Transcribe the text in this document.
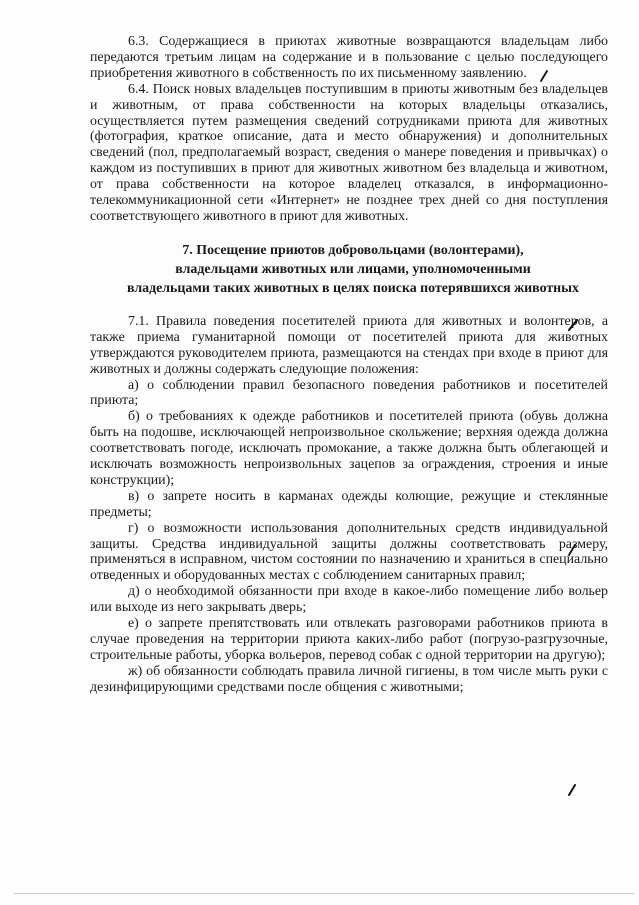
6.3. Содержащиеся в приютах животные возвращаются владельцам либо передаются третьим лицам на содержание и в пользование с целью последующего приобретения животного в собственность по их письменному заявлению.

6.4. Поиск новых владельцев поступившим в приюты животным без владельцев и животным, от права собственности на которых владельцы отказались, осуществляется путем размещения сведений сотрудниками приюта для животных (фотография, краткое описание, дата и место обнаружения) и дополнительных сведений (пол, предполагаемый возраст, сведения о манере поведения и привычках) о каждом из поступивших в приют для животных животном без владельца и животном, от права собственности на которое владелец отказался, в информационно-телекоммуникационной сети «Интернет» не позднее трех дней со дня поступления соответствующего животного в приют для животных.

7. Посещение приютов добровольцами (волонтерами),

владельцами животных или лицами, уполномоченными

владельцами таких животных в целях поиска потерявшихся животных

7.1. Правила поведения посетителей приюта для животных и волонтеров, а также приема гуманитарной помощи от посетителей приюта для животных утверждаются руководителем приюта, размещаются на стендах при входе в приют для животных и должны содержать следующие положения:

а) о соблюдении правил безопасного поведения работников и посетителей приюта;

б) о требованиях к одежде работников и посетителей приюта (обувь должна быть на подошве, исключающей непроизвольное скольжение; верхняя одежда должна соответствовать погоде, исключать промокание, а также должна быть облегающей и исключать возможность непроизвольных зацепов за ограждения, строения и иные конструкции);

в) о запрете носить в карманах одежды колющие, режущие и стеклянные предметы;

г) о возможности использования дополнительных средств индивидуальной защиты. Средства индивидуальной защиты должны соответствовать размеру, применяться в исправном, чистом состоянии по назначению и храниться в специально отведенных и оборудованных местах с соблюдением санитарных правил;

д) о необходимой обязанности при входе в какое-либо помещение либо вольер или выходе из него закрывать дверь;

е) о запрете препятствовать или отвлекать разговорами работников приюта в случае проведения на территории приюта каких-либо работ (погрузо-разгрузочные, строительные работы, уборка вольеров, перевод собак с одной территории на другую);

ж) об обязанности соблюдать правила личной гигиены, в том числе мыть руки с дезинфицирующими средствами после общения с животными;
